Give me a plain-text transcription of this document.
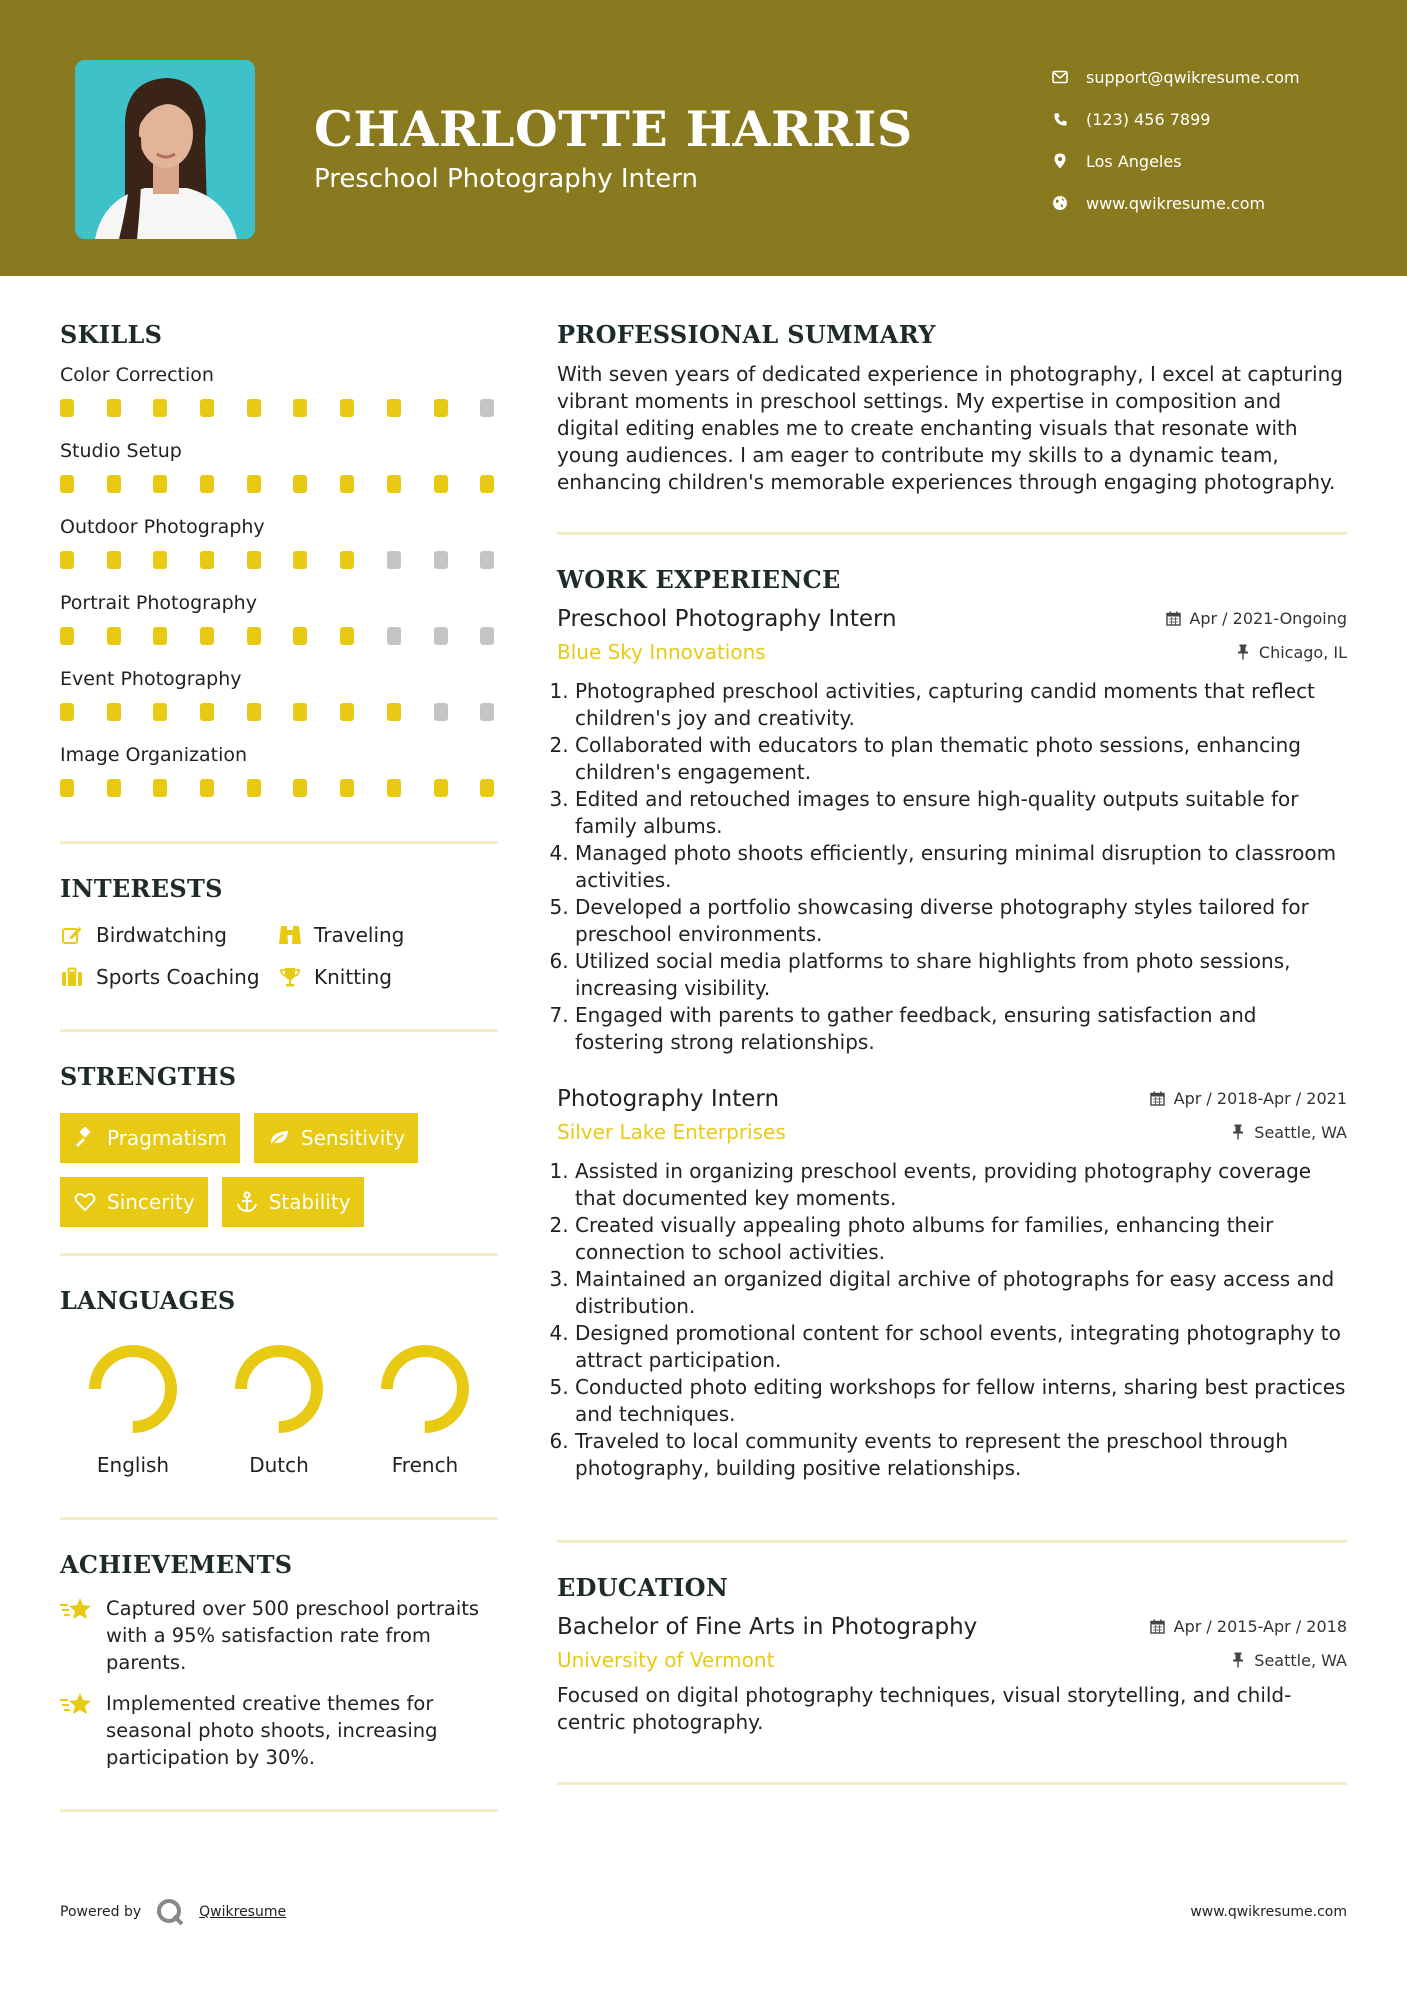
CHARLOTTE HARRIS

Preschool Photography Intern

support@qwikresume.com
(123) 456 7899
Los Angeles
www.qwikresume.com
SKILLS

Color Correction

Studio Setup

Outdoor Photography

Portrait Photography

Event Photography

Image Organization

INTERESTS
Birdwatching	Traveling
Sports Coaching	Knitting
STRENGTHS
Pragmatism	Sensitivity
Sincerity	Stability
LANGUAGES
English	Dutch	French
ACHIEVEMENTS
Captured over 500 preschool portraits with a 95% satisfaction rate from parents.
Implemented creative themes for seasonal photo shoots, increasing participation by 30%.
PROFESSIONAL SUMMARY

With seven years of dedicated experience in photography, I excel at capturing vibrant moments in preschool settings. My expertise in composition and digital editing enables me to create enchanting visuals that resonate with young audiences. I am eager to contribute my skills to a dynamic team, enhancing children's memorable experiences through engaging photography.

WORK EXPERIENCE

Preschool Photography Intern	Apr / 2021-Ongoing

Blue Sky Innovations	Chicago, IL
1. Photographed preschool activities, capturing candid moments that reflect children's joy and creativity.
2. Collaborated with educators to plan thematic photo sessions, enhancing children's engagement.
3. Edited and retouched images to ensure high-quality outputs suitable for family albums.
4. Managed photo shoots efficiently, ensuring minimal disruption to classroom activities.
5. Developed a portfolio showcasing diverse photography styles tailored for preschool environments.
6. Utilized social media platforms to share highlights from photo sessions, increasing visibility.
7. Engaged with parents to gather feedback, ensuring satisfaction and fostering strong relationships.

Photography Intern	Apr / 2018-Apr / 2021

Silver Lake Enterprises	Seattle, WA
1. Assisted in organizing preschool events, providing photography coverage that documented key moments.
2. Created visually appealing photo albums for families, enhancing their connection to school activities.
3. Maintained an organized digital archive of photographs for easy access and distribution.
4. Designed promotional content for school events, integrating photography to attract participation.
5. Conducted photo editing workshops for fellow interns, sharing best practices and techniques.
6. Traveled to local community events to represent the preschool through photography, building positive relationships.
EDUCATION

Bachelor of Fine Arts in Photography	Apr / 2015-Apr / 2018

University of Vermont	Seattle, WA

Focused on digital photography techniques, visual storytelling, and child-centric photography.

Powered by	Qwikresume	www.qwikresume.com
